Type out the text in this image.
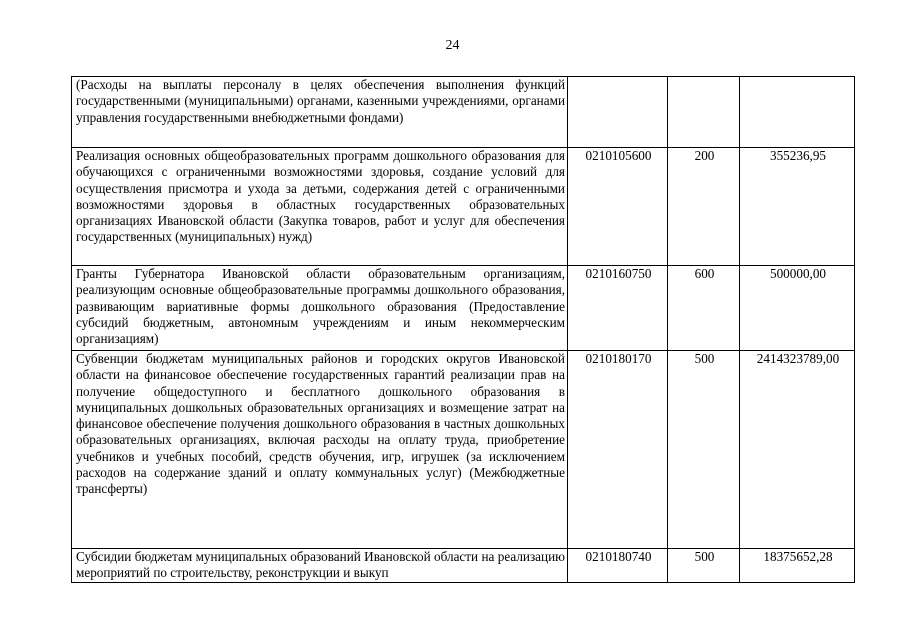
24
(Расходы на выплаты персоналу в целях обеспечения выполнения функций государственными (муниципальными) органами, казенными учреждениями, органами управления государственными внебюджетными фондами)			
Реализация основных общеобразовательных программ дошкольного образования для обучающихся с ограниченными возможностями здоровья, создание условий для осуществления присмотра и ухода за детьми, содержания детей с ограниченными возможностями здоровья в областных государственных образовательных организациях Ивановской области (Закупка товаров, работ и услуг для обеспечения государственных (муниципальных) нужд)	0210105600	200	355236,95
Гранты Губернатора Ивановской области образовательным организациям, реализующим основные общеобразовательные программы дошкольного образования, развивающим вариативные формы дошкольного образования (Предоставление субсидий бюджетным, автономным учреждениям и иным некоммерческим организациям)	0210160750	600	500000,00
Субвенции бюджетам муниципальных районов и городских округов Ивановской области на финансовое обеспечение государственных гарантий реализации прав на получение общедоступного и бесплатного дошкольного образования в муниципальных дошкольных образовательных организациях и возмещение затрат на финансовое обеспечение получения дошкольного образования в частных дошкольных образовательных организациях, включая расходы на оплату труда, приобретение учебников и учебных пособий, средств обучения, игр, игрушек (за исключением расходов на содержание зданий и оплату коммунальных услуг) (Межбюджетные трансферты)	0210180170	500	2414323789,00
Субсидии бюджетам муниципальных образований Ивановской области на реализацию мероприятий по строительству, реконструкции и выкуп	0210180740	500	18375652,28
